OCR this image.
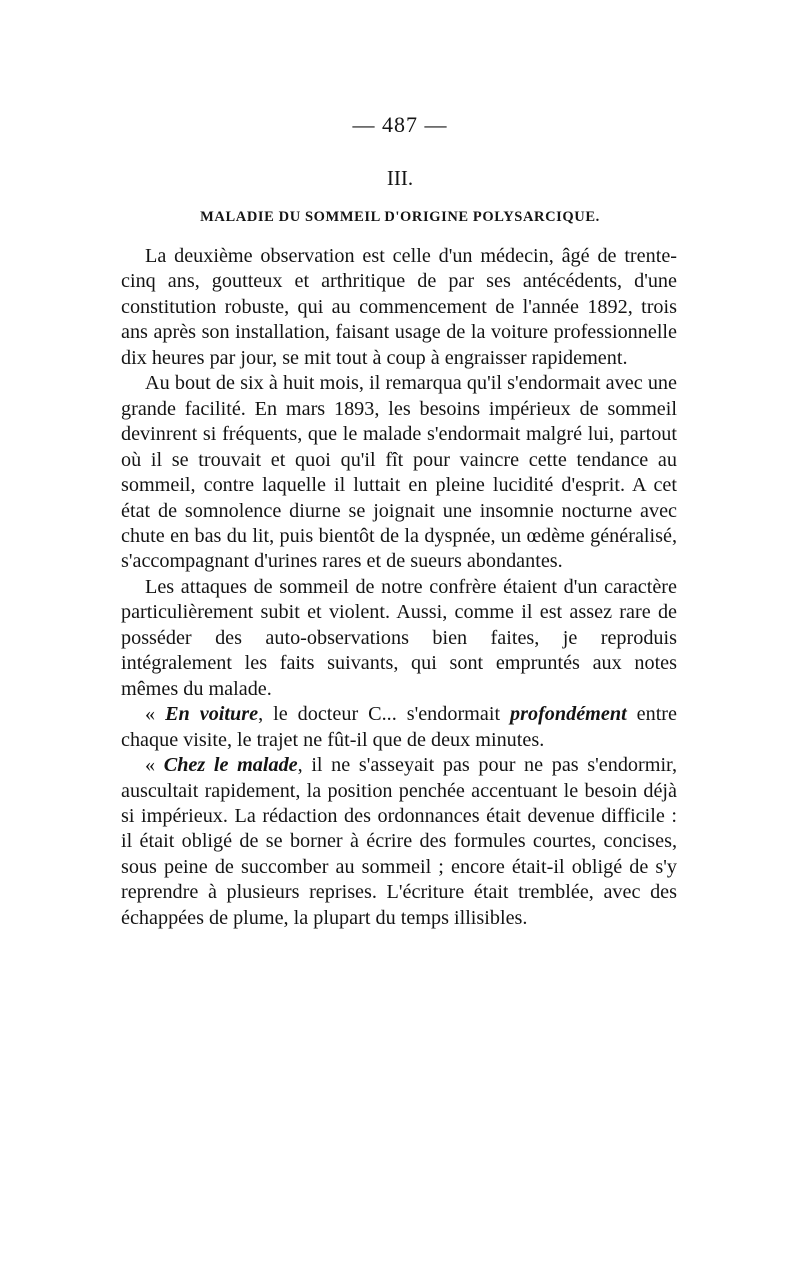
— 487 —
III.
MALADIE DU SOMMEIL D'ORIGINE POLYSARCIQUE.

La deuxième observation est celle d'un médecin, âgé de trente-cinq ans, goutteux et arthritique de par ses antécédents, d'une constitution robuste, qui au commencement de l'année 1892, trois ans après son installation, faisant usage de la voiture professionnelle dix heures par jour, se mit tout à coup à engraisser rapidement.

Au bout de six à huit mois, il remarqua qu'il s'endormait avec une grande facilité. En mars 1893, les besoins impérieux de sommeil devinrent si fréquents, que le malade s'endormait malgré lui, partout où il se trouvait et quoi qu'il fît pour vaincre cette tendance au sommeil, contre laquelle il luttait en pleine lucidité d'esprit. A cet état de somnolence diurne se joignait une insomnie nocturne avec chute en bas du lit, puis bientôt de la dyspnée, un œdème généralisé, s'accompagnant d'urines rares et de sueurs abondantes.

Les attaques de sommeil de notre confrère étaient d'un caractère particulièrement subit et violent. Aussi, comme il est assez rare de posséder des auto-observations bien faites, je reproduis intégralement les faits suivants, qui sont empruntés aux notes mêmes du malade.

« En voiture, le docteur C... s'endormait profondément entre chaque visite, le trajet ne fût-il que de deux minutes.

« Chez le malade, il ne s'asseyait pas pour ne pas s'endormir, auscultait rapidement, la position penchée accentuant le besoin déjà si impérieux. La rédaction des ordonnances était devenue difficile : il était obligé de se borner à écrire des formules courtes, concises, sous peine de succomber au sommeil ; encore était-il obligé de s'y reprendre à plusieurs reprises. L'écriture était tremblée, avec des échappées de plume, la plupart du temps illisibles.
